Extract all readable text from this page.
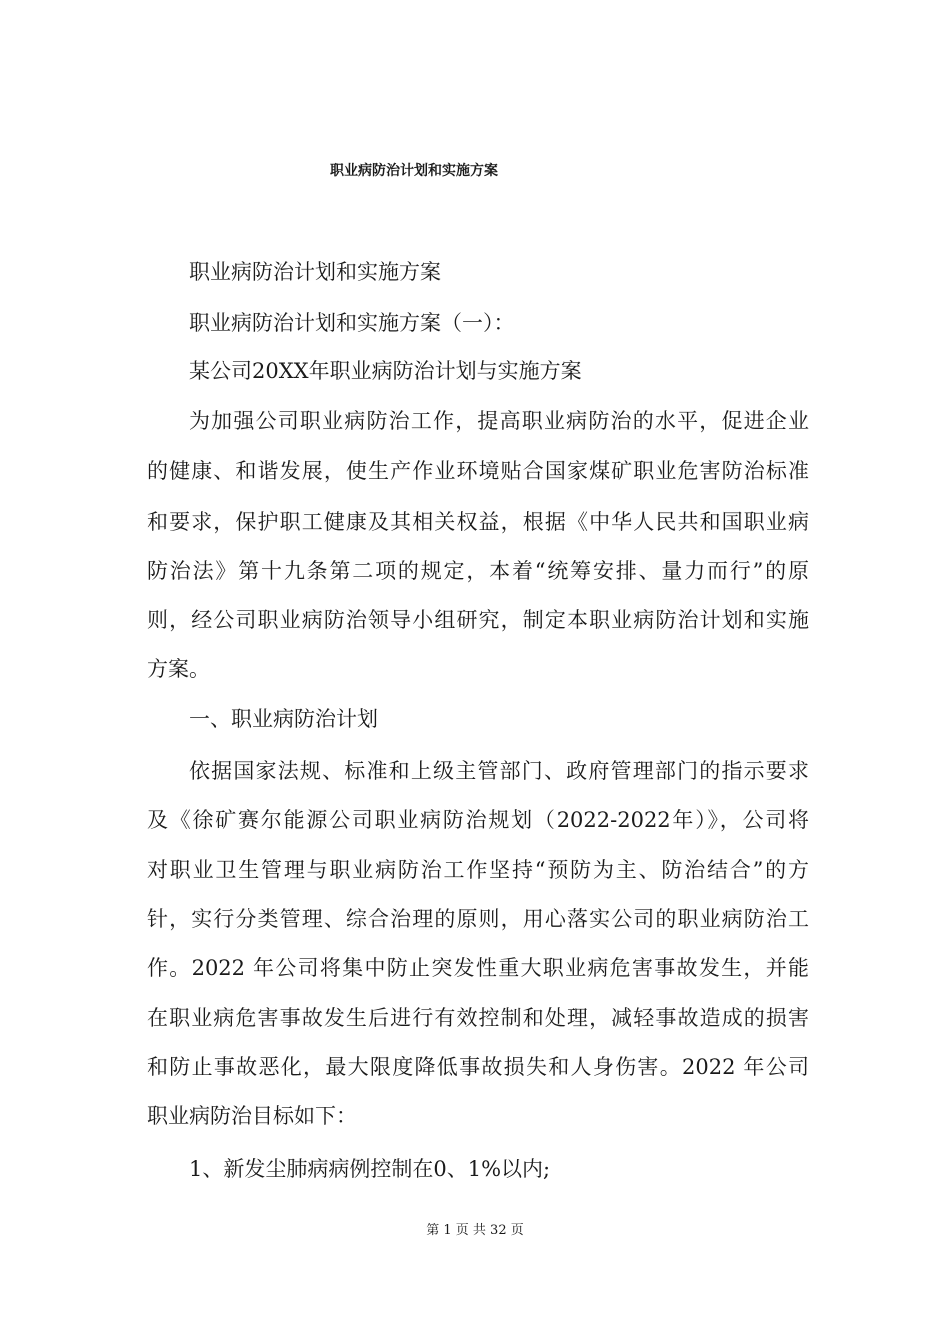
职业病防治计划和实施方案
职业病防治计划和实施方案
职业病防治计划和实施方案（一）：
某公司20XX年职业病防治计划与实施方案
为加强公司职业病防治工作，提高职业病防治的水平，促进企业
的健康、和谐发展，使生产作业环境贴合国家煤矿职业危害防治标准
和要求，保护职工健康及其相关权益，根据《中华人民共和国职业病
防治法》第十九条第二项的规定，本着“统筹安排、量力而行”的原
则，经公司职业病防治领导小组研究，制定本职业病防治计划和实施
方案。
一、职业病防治计划
依据国家法规、标准和上级主管部门、政府管理部门的指示要求
及《徐矿赛尔能源公司职业病防治规划（2022-2022年）》，公司将
对职业卫生管理与职业病防治工作坚持“预防为主、防治结合”的方
针，实行分类管理、综合治理的原则，用心落实公司的职业病防治工
作。2022 年公司将集中防止突发性重大职业病危害事故发生，并能
在职业病危害事故发生后进行有效控制和处理，减轻事故造成的损害
和防止事故恶化，最大限度降低事故损失和人身伤害。2022 年公司
职业病防治目标如下：
1、新发尘肺病病例控制在0、1%以内;
第 1 页 共 32 页
